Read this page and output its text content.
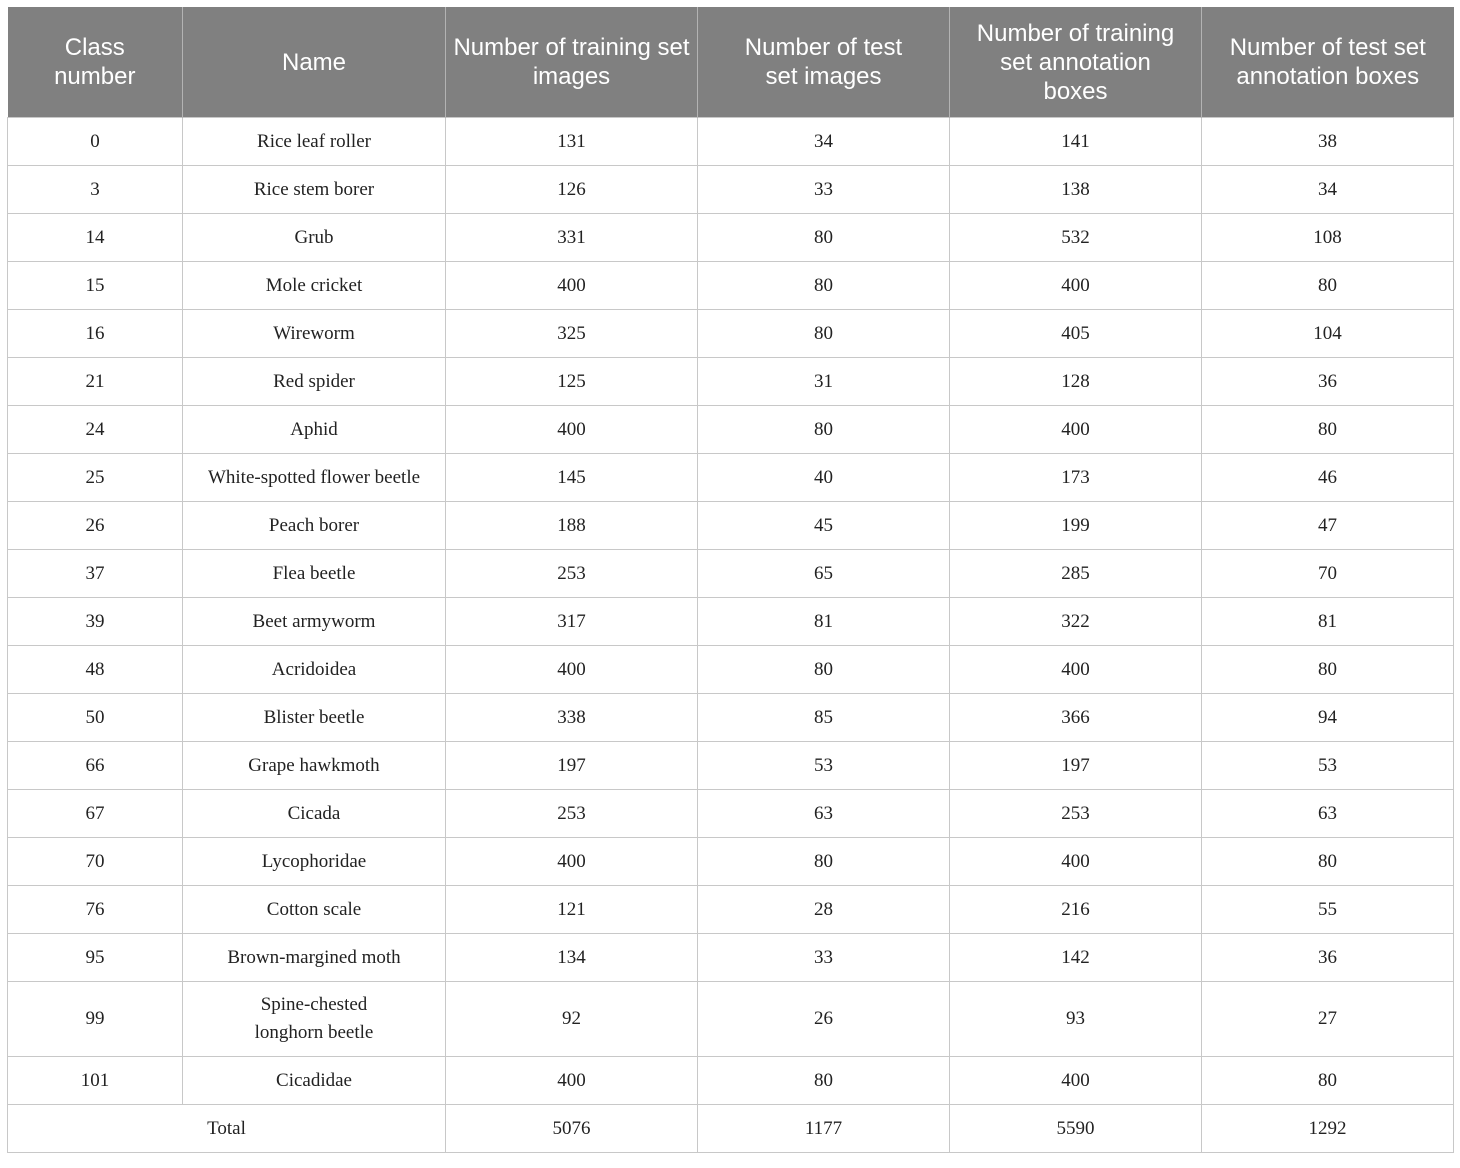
Class number	Name	Number of training set images	Number of test set images	Number of training set annotation boxes	Number of test set annotation boxes
0	Rice leaf roller	131	34	141	38
3	Rice stem borer	126	33	138	34
14	Grub	331	80	532	108
15	Mole cricket	400	80	400	80
16	Wireworm	325	80	405	104
21	Red spider	125	31	128	36
24	Aphid	400	80	400	80
25	White-spotted flower beetle	145	40	173	46
26	Peach borer	188	45	199	47
37	Flea beetle	253	65	285	70
39	Beet armyworm	317	81	322	81
48	Acridoidea	400	80	400	80
50	Blister beetle	338	85	366	94
66	Grape hawkmoth	197	53	197	53
67	Cicada	253	63	253	63
70	Lycophoridae	400	80	400	80
76	Cotton scale	121	28	216	55
95	Brown-margined moth	134	33	142	36
99	Spine-chested longhorn beetle	92	26	93	27
101	Cicadidae	400	80	400	80
Total		5076	1177	5590	1292
